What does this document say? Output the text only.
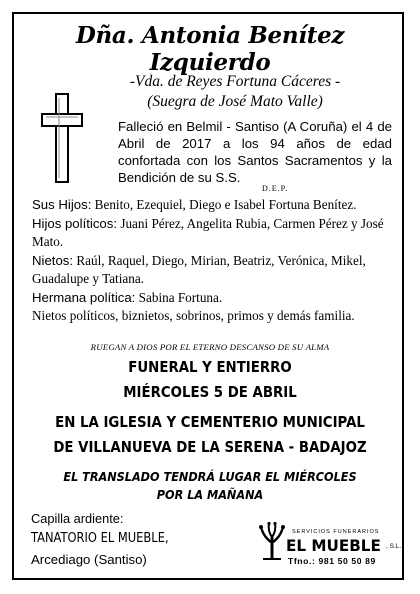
Dña. Antonia Benítez Izquierdo
-Vda. de Reyes Fortuna Cáceres -
(Suegra de José Mato Valle)
Falleció en Belmil - Santiso (A Coruña) el 4 de Abril de 2017 a los 94 años de edad confortada con los Santos Sacramentos y la Bendición de su S.S.
D.E.P.

Sus Hijos: Benito, Ezequiel, Diego e Isabel Fortuna Benítez.

Hijos políticos: Juani Pérez, Angelita Rubia, Carmen Pérez y José Mato.

Nietos: Raúl, Raquel, Diego, Mirian, Beatriz, Verónica, Mikel, Guadalupe y Tatiana.

Hermana política: Sabina Fortuna.

Nietos políticos, biznietos, sobrinos, primos y demás familia.

RUEGAN A DIOS POR EL ETERNO DESCANSO DE SU ALMA
FUNERAL Y ENTIERRO
MIÉRCOLES 5 DE ABRIL
EN LA IGLESIA Y CEMENTERIO MUNICIPAL
DE VILLANUEVA DE LA SERENA - BADAJOZ
EL TRANSLADO TENDRÁ LUGAR EL MIÉRCOLES
POR LA MAÑANA
Capilla ardiente:
TANATORIO EL MUEBLE,
Arcediago (Santiso)
SERVICIOS FUNERARIOS
EL MUEBLE , S.L.
Tfno.: 981 50 50 89
